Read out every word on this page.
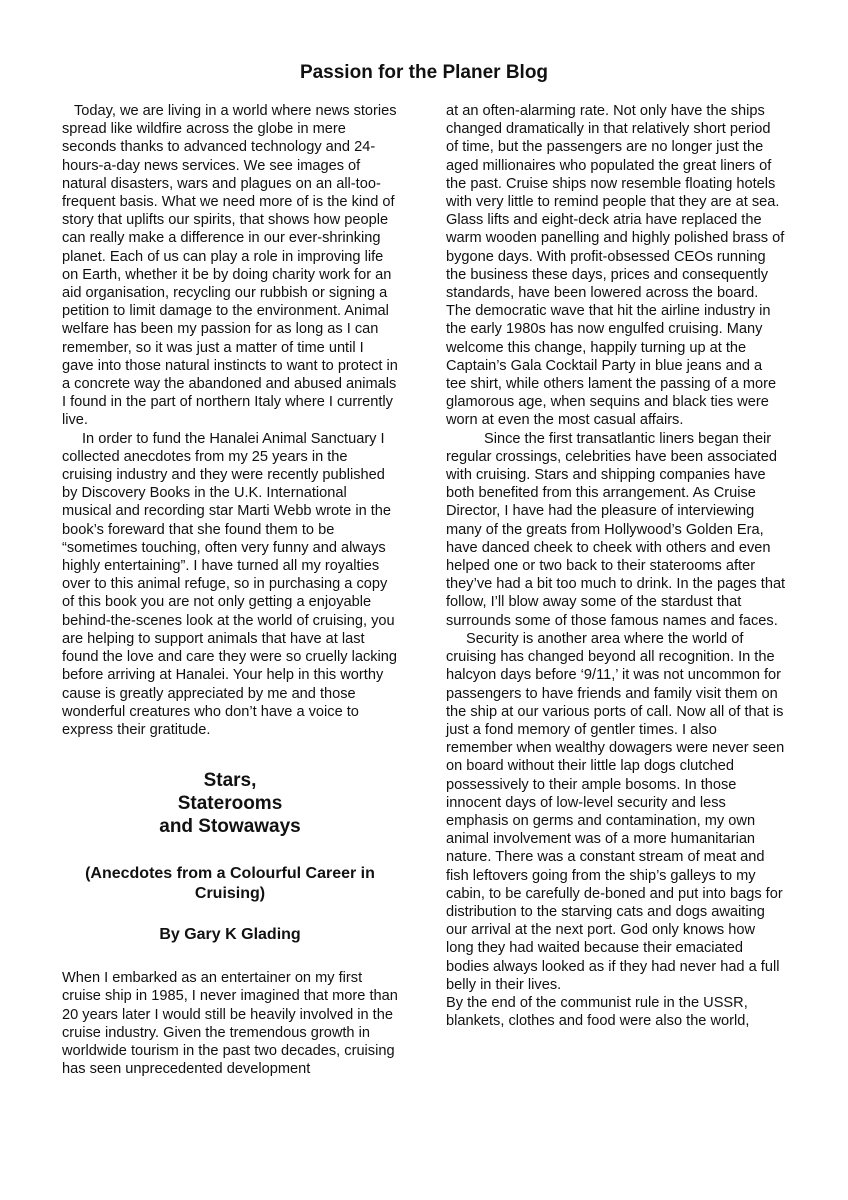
Passion for the Planer Blog

Today, we are living in a world where news stories spread like wildfire across the globe in mere seconds thanks to advanced technology and 24-hours-a-day news services. We see images of natural disasters, wars and plagues on an all-too- frequent basis. What we need more of is the kind of story that uplifts our spirits, that shows how people can really make a difference in our ever-shrinking planet. Each of us can play a role in improving life on Earth, whether it be by doing charity work for an aid organisation, recycling our rubbish or signing a petition to limit damage to the environment. Animal welfare has been my passion for as long as I can remember, so it was just a matter of time until I gave into those natural instincts to want to protect in a concrete way the abandoned and abused animals I found in the part of northern Italy where I currently live.

In order to fund the Hanalei Animal Sanctuary I collected anecdotes from my 25 years in the cruising industry and they were recently published by Discovery Books in the U.K. International musical and recording star Marti Webb wrote in the book’s foreward that she found them to be “sometimes touching, often very funny and always highly entertaining”. I have turned all my royalties over to this animal refuge, so in purchasing a copy of this book you are not only getting a enjoyable behind-the-scenes look at the world of cruising, you are helping to support animals that have at last found the love and care they were so cruelly lacking before arriving at Hanalei. Your help in this worthy cause is greatly appreciated by me and those wonderful creatures who don’t have a voice to express their gratitude.

Stars,
Staterooms
and Stowaways
(Anecdotes from a Colourful Career in Cruising)
By Gary K Glading

When I embarked as an entertainer on my first cruise ship in 1985, I never imagined that more than 20 years later I would still be heavily involved in the

cruise industry. Given the tremendous growth in worldwide tourism in the past two decades, cruising has seen unprecedented development

at an often-alarming rate. Not only have the ships changed dramatically in that relatively short period of time, but the passengers are no longer just the aged millionaires who populated the great liners of the past. Cruise ships now resemble floating hotels with very little to remind people that they are at sea. Glass lifts and eight-deck atria have replaced the warm wooden panelling and highly polished brass of bygone days. With profit-obsessed CEOs running the business these days, prices and consequently standards, have been lowered across the board. The democratic wave that hit the airline industry in the early 1980s has now engulfed cruising. Many welcome this change, happily turning up at the Captain’s Gala Cocktail Party in blue jeans and a tee shirt, while others lament the passing of a more glamorous age, when sequins and black ties were worn at even the most casual affairs.

Since the first transatlantic liners began their regular crossings, celebrities have been associated with cruising. Stars and shipping companies have both benefited from this arrangement. As Cruise Director, I have had the pleasure of interviewing many of the greats from Hollywood’s Golden Era, have danced cheek to cheek with others and even helped one or two back to their staterooms after they’ve had a bit too much to drink. In the pages that follow, I’ll blow away some of the stardust that surrounds some of those famous names and faces.

Security is another area where the world of cruising has changed beyond all recognition. In the halcyon days before ‘9/11,’ it was not uncommon for passengers to have friends and family visit them on the ship at our various ports of call. Now all of that is just a fond memory of gentler times. I also remember when wealthy dowagers were never seen on board without their little lap dogs clutched possessively to their ample bosoms. In those innocent days of low-level security and less emphasis on germs and contamination, my own animal involvement was of a more humanitarian nature. There was a constant stream of meat and fish leftovers going from the ship’s galleys to my cabin, to be carefully de-boned and put into bags for distribution to the starving cats and dogs awaiting our arrival at the next port. God only knows how long they had waited because their emaciated bodies always looked as if they had never had a full belly in their lives.

By the end of the communist rule in the USSR, blankets, clothes and food were also the world,
